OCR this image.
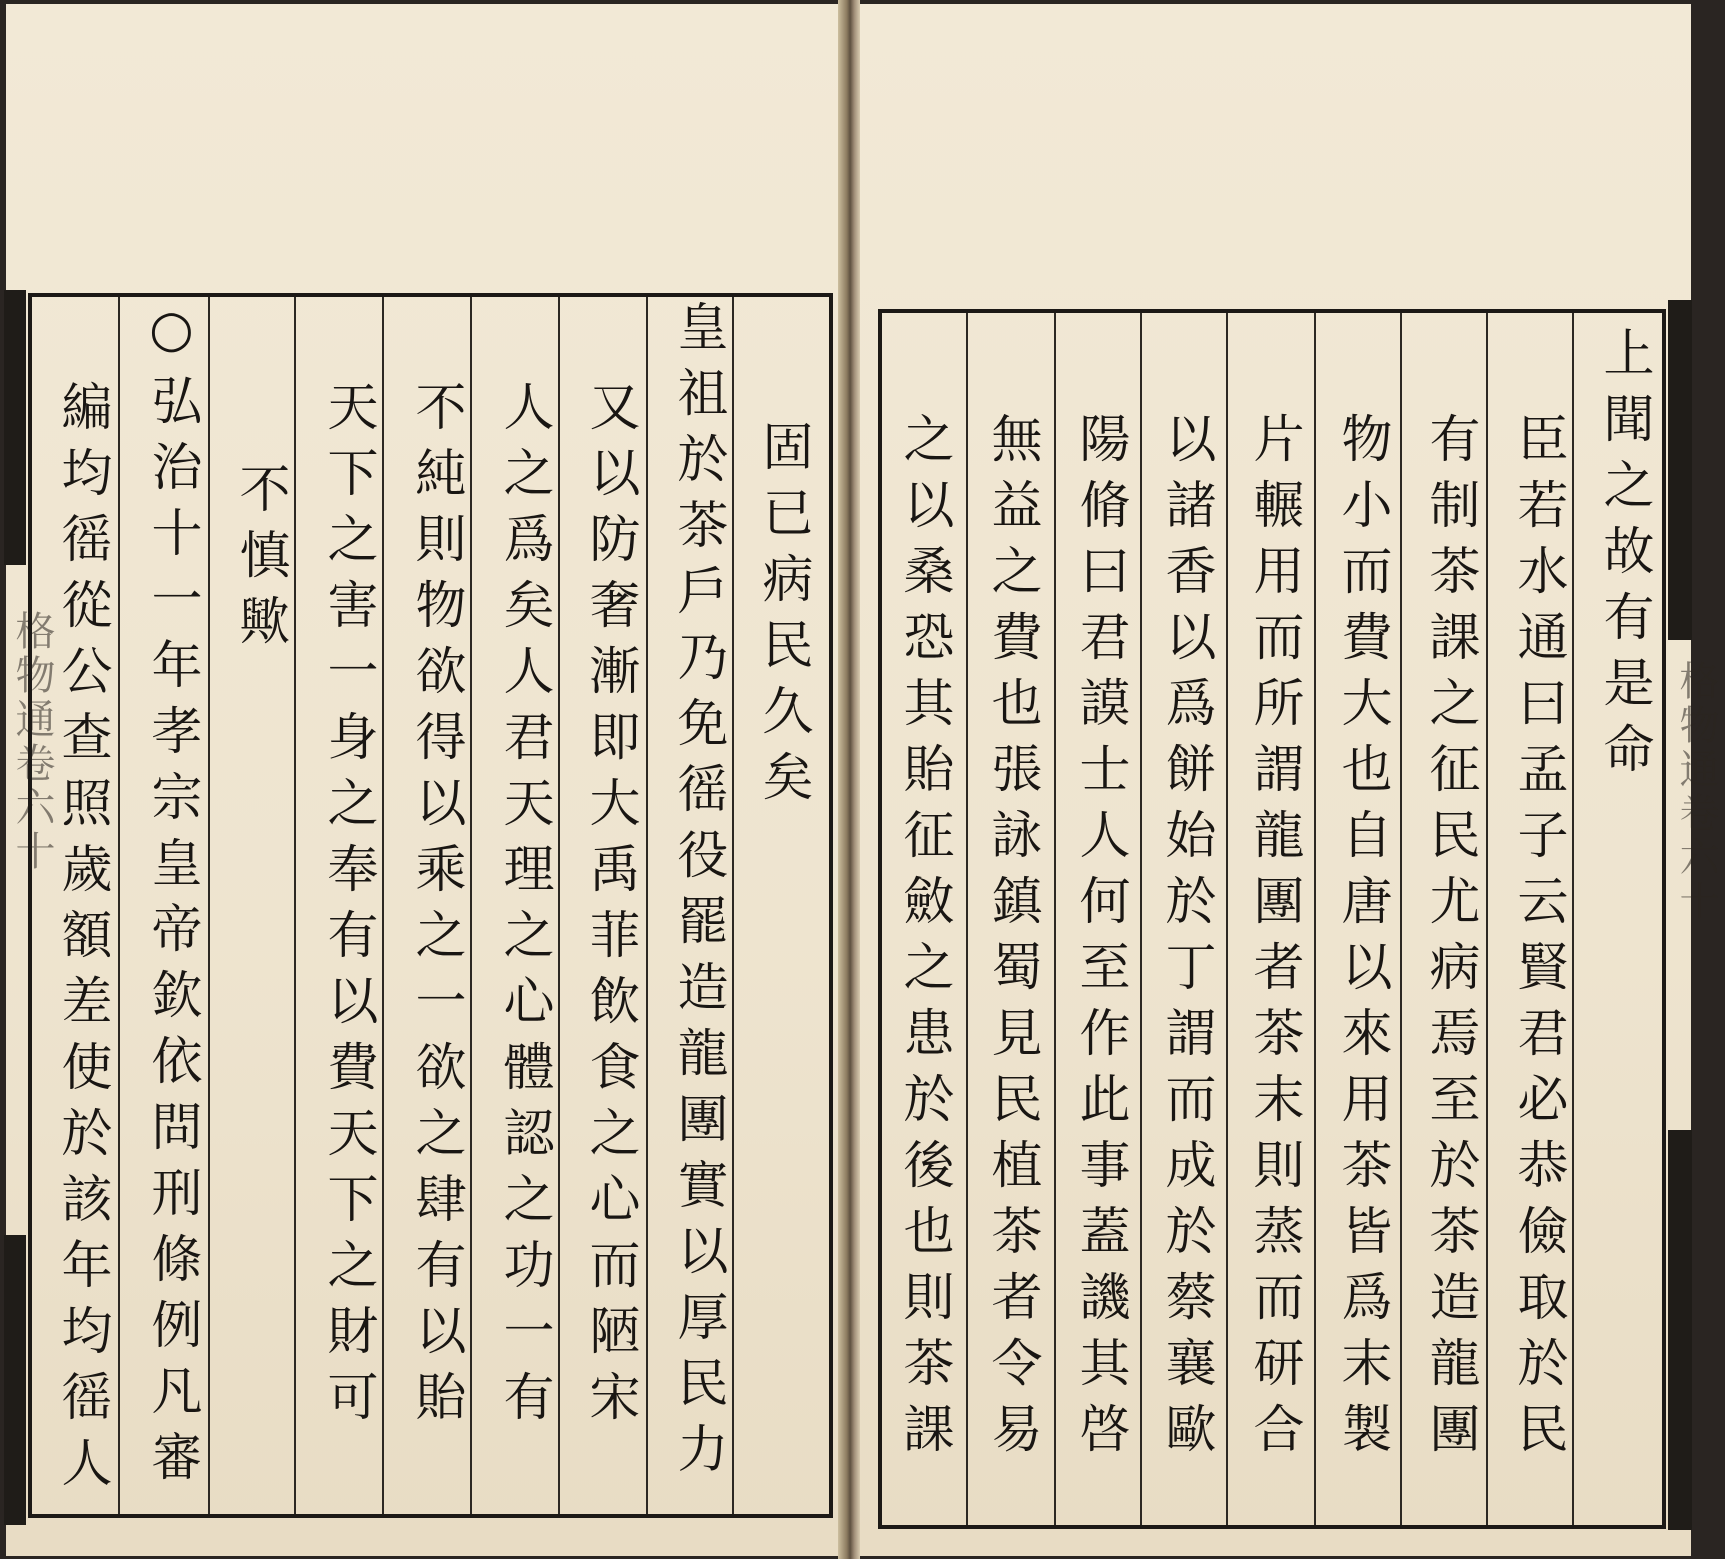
格物通卷六十	格物通卷六十
固已病民久矣
皇祖於茶戶乃免徭役罷造龍團實以厚民力
又以防奢漸即大禹菲飲食之心而陋宋
人之爲矣人君天理之心體認之功一有
不純則物欲得以乘之一欲之肆有以貽
天下之害一身之奉有以費天下之財可
不慎歟
○弘治十一年孝宗皇帝欽依問刑條例凡審
編均徭從公查照歲額差使於該年均徭人	上聞之故有是命
臣若水通曰孟子云賢君必恭儉取於民
有制茶課之征民尤病焉至於茶造龍團
物小而費大也自唐以來用茶皆爲末製
片輾用而所謂龍團者茶末則蒸而研合
以諸香以爲餅始於丁謂而成於蔡襄歐
陽脩曰君謨士人何至作此事蓋譏其啓
無益之費也張詠鎮蜀見民植茶者令易
之以桑恐其貽征斂之患於後也則茶課
